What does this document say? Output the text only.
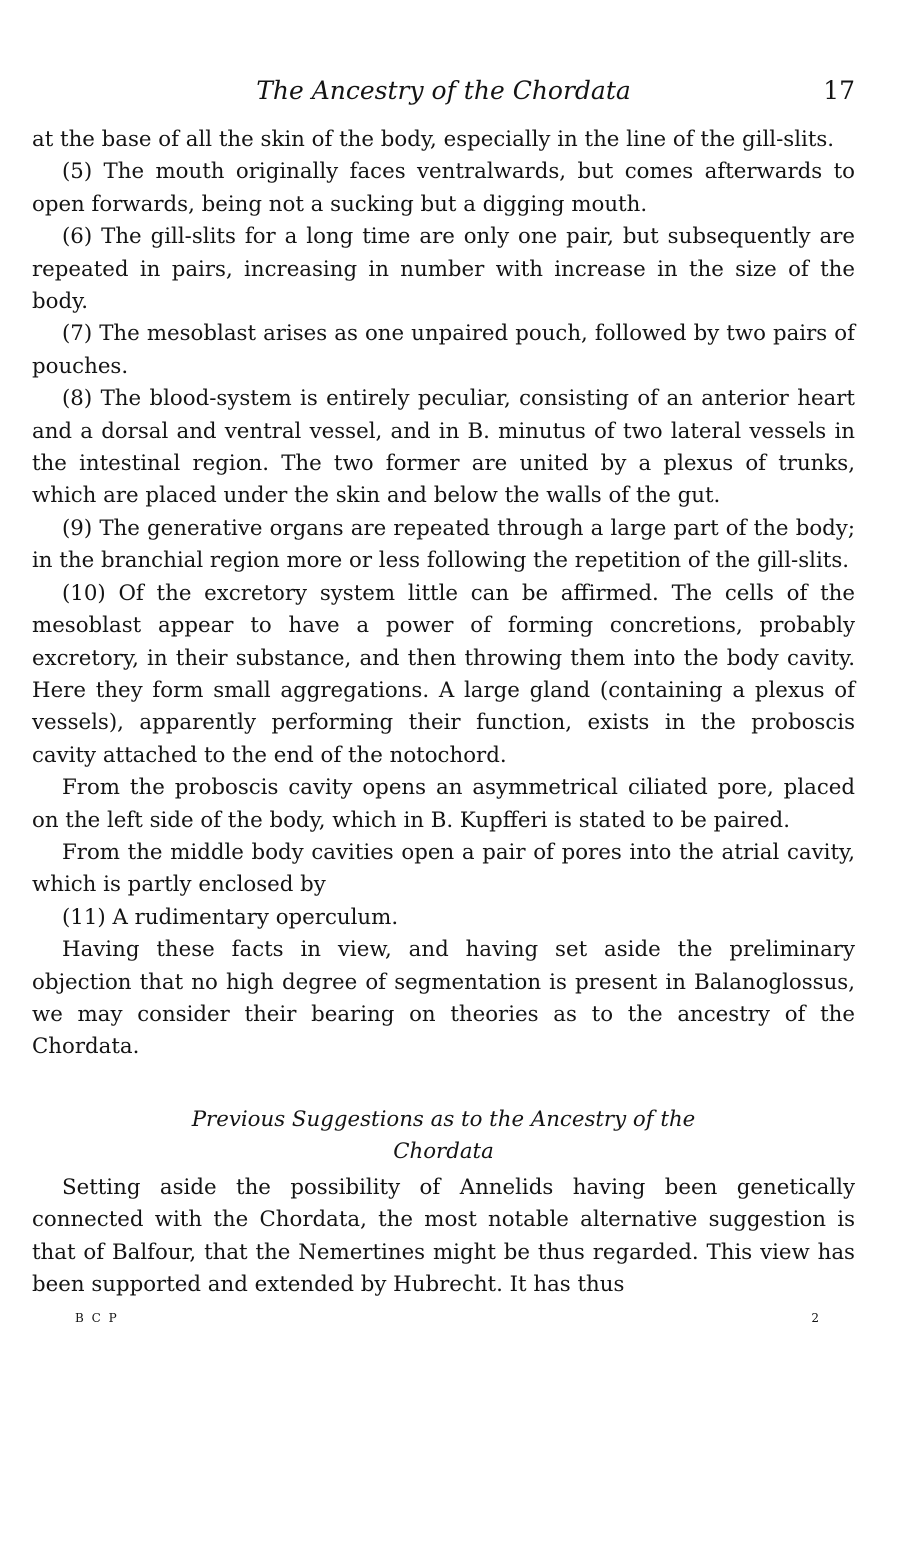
The Ancestry of the Chordata	17

at the base of all the skin of the body, especially in the line of the gill-slits.

(5) The mouth originally faces ventralwards, but comes afterwards to open forwards, being not a sucking but a digging mouth.

(6) The gill-slits for a long time are only one pair, but subsequently are repeated in pairs, increasing in number with increase in the size of the body.

(7) The mesoblast arises as one unpaired pouch, followed by two pairs of pouches.

(8) The blood-system is entirely peculiar, consisting of an anterior heart and a dorsal and ventral vessel, and in B. minutus of two lateral vessels in the intestinal region. The two former are united by a plexus of trunks, which are placed under the skin and below the walls of the gut.

(9) The generative organs are repeated through a large part of the body; in the branchial region more or less following the repetition of the gill-slits.

(10) Of the excretory system little can be affirmed. The cells of the mesoblast appear to have a power of forming concretions, probably excretory, in their substance, and then throwing them into the body cavity. Here they form small aggregations. A large gland (containing a plexus of vessels), apparently performing their function, exists in the proboscis cavity attached to the end of the notochord.

From the proboscis cavity opens an asymmetrical ciliated pore, placed on the left side of the body, which in B. Kupfferi is stated to be paired.

From the middle body cavities open a pair of pores into the atrial cavity, which is partly enclosed by

(11) A rudimentary operculum.

Having these facts in view, and having set aside the preliminary objection that no high degree of segmentation is present in Balanoglossus, we may consider their bearing on theories as to the ancestry of the Chordata.

Previous Suggestions as to the Ancestry of the
Chordata

Setting aside the possibility of Annelids having been genetically connected with the Chordata, the most notable alternative suggestion is that of Balfour, that the Nemertines might be thus regarded. This view has been supported and extended by Hubrecht. It has thus

B C P	2
